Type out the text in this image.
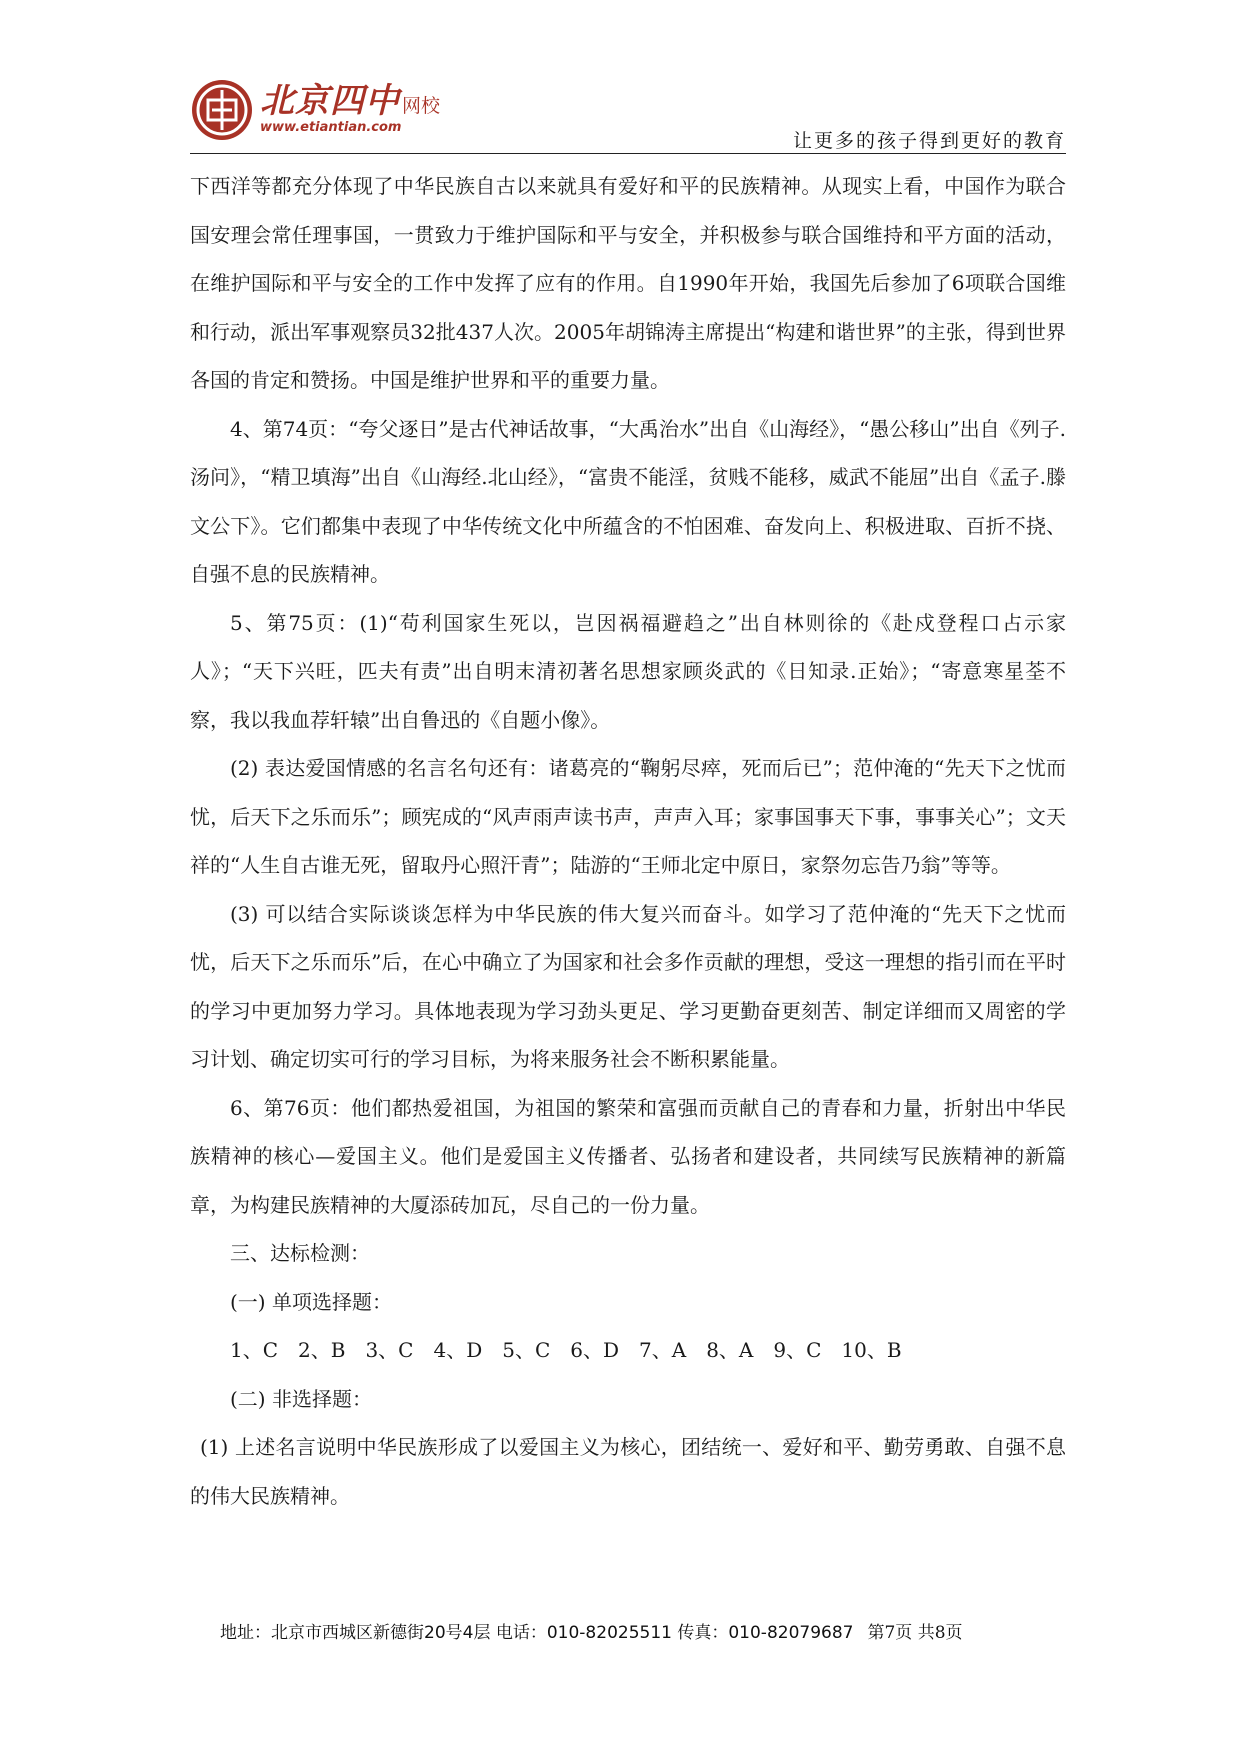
北京四中 网校
www.etiantian.com
让更多的孩子得到更好的教育

下西洋等都充分体现了中华民族自古以来就具有爱好和平的民族精神。从现实上看，中国作为联合国安理会常任理事国，一贯致力于维护国际和平与安全，并积极参与联合国维持和平方面的活动，在维护国际和平与安全的工作中发挥了应有的作用。自1990年开始，我国先后参加了6项联合国维和行动，派出军事观察员32批437人次。2005年胡锦涛主席提出“构建和谐世界”的主张，得到世界各国的肯定和赞扬。中国是维护世界和平的重要力量。

4、第74页：“夸父逐日”是古代神话故事，“大禹治水”出自《山海经》，“愚公移山”出自《列子.汤问》，“精卫填海”出自《山海经.北山经》，“富贵不能淫，贫贱不能移，威武不能屈”出自《孟子.滕文公下》。它们都集中表现了中华传统文化中所蕴含的不怕困难、奋发向上、积极进取、百折不挠、自强不息的民族精神。

5、第75页：(1)“苟利国家生死以，岂因祸福避趋之”出自林则徐的《赴戍登程口占示家人》；“天下兴旺，匹夫有责”出自明末清初著名思想家顾炎武的《日知录.正始》；“寄意寒星荃不察，我以我血荐轩辕”出自鲁迅的《自题小像》。

(2) 表达爱国情感的名言名句还有：诸葛亮的“鞠躬尽瘁，死而后已”；范仲淹的“先天下之忧而忧，后天下之乐而乐”；顾宪成的“风声雨声读书声，声声入耳；家事国事天下事，事事关心”；文天祥的“人生自古谁无死，留取丹心照汗青”；陆游的“王师北定中原日，家祭勿忘告乃翁”等等。

(3) 可以结合实际谈谈怎样为中华民族的伟大复兴而奋斗。如学习了范仲淹的“先天下之忧而忧，后天下之乐而乐”后，在心中确立了为国家和社会多作贡献的理想，受这一理想的指引而在平时的学习中更加努力学习。具体地表现为学习劲头更足、学习更勤奋更刻苦、制定详细而又周密的学习计划、确定切实可行的学习目标，为将来服务社会不断积累能量。

6、第76页：他们都热爱祖国，为祖国的繁荣和富强而贡献自己的青春和力量，折射出中华民族精神的核心—爱国主义。他们是爱国主义传播者、弘扬者和建设者，共同续写民族精神的新篇章，为构建民族精神的大厦添砖加瓦，尽自己的一份力量。

三、达标检测：

(一) 单项选择题：

1、C　2、B　3、C　4、D　5、C　6、D　7、A　8、A　9、C　10、B

(二) 非选择题：

(1) 上述名言说明中华民族形成了以爱国主义为核心，团结统一、爱好和平、勤劳勇敢、自强不息的伟大民族精神。

地址：北京市西城区新德街20号4层 电话：010-82025511 传真：010-82079687 第7页 共8页
